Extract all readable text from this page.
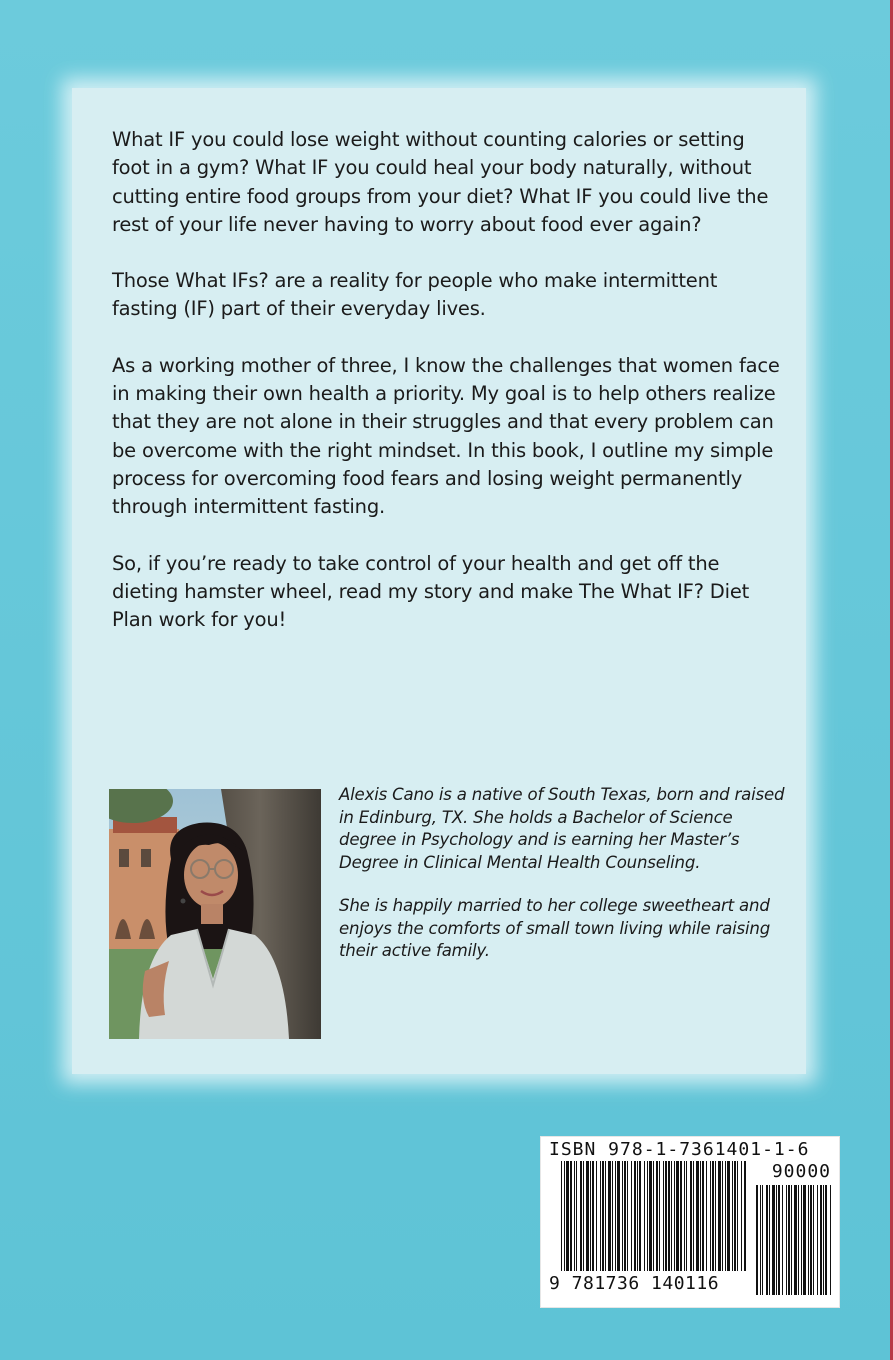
What IF you could lose weight without counting calories or setting foot in a gym? What IF you could heal your body naturally, without cutting entire food groups from your diet? What IF you could live the rest of your life never having to worry about food ever again?

Those What IFs? are a reality for people who make intermittent fasting (IF) part of their everyday lives.

As a working mother of three, I know the challenges that women face in making their own health a priority. My goal is to help others realize that they are not alone in their struggles and that every problem can be overcome with the right mindset. In this book, I outline my simple process for overcoming food fears and losing weight permanently through intermittent fasting.

So, if you’re ready to take control of your health and get off the dieting hamster wheel, read my story and make The What IF? Diet Plan work for you!

Alexis Cano is a native of South Texas, born and raised in Edinburg, TX. She holds a Bachelor of Science degree in Psychology and is earning her Master’s Degree in Clinical Mental Health Counseling.

She is happily married to her college sweetheart and enjoys the comforts of small town living while raising their active family.

ISBN 978-1-7361401-1-6
90000
9 781736 140116
